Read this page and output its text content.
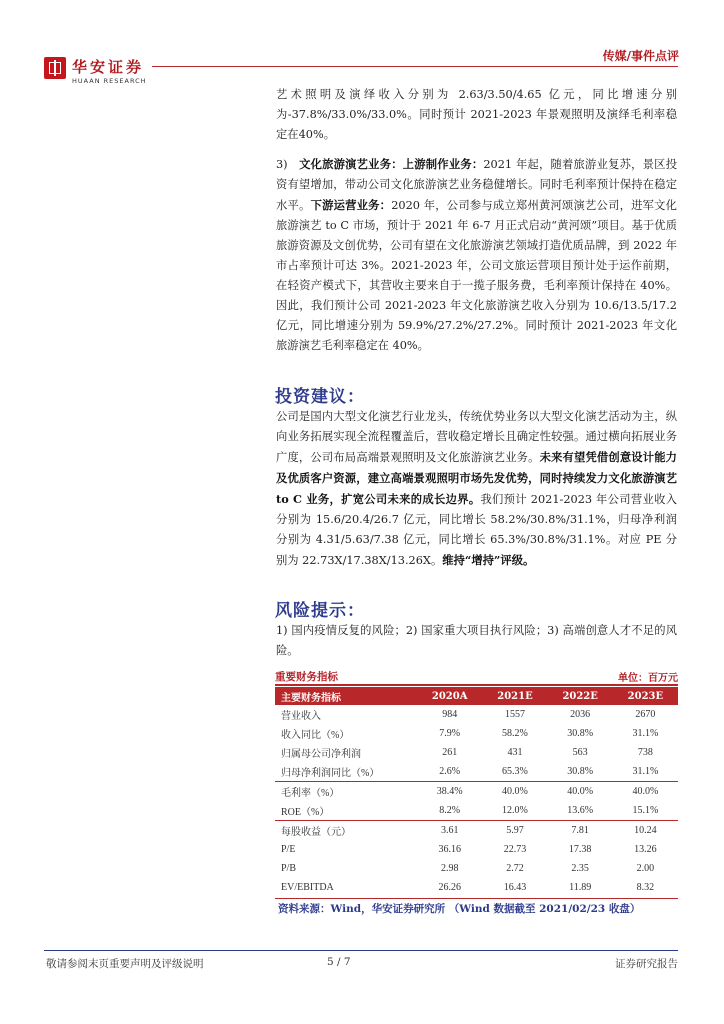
华安证券
HUAAN RESEARCH
传媒/事件点评

艺术照明及演绎收入分别为 2.63/3.50/4.65 亿元，同比增速分别为-37.8%/33.0%/33.0%。同时预计 2021-2023 年景观照明及演绎毛利率稳定在40%。

3) 文化旅游演艺业务：上游制作业务：2021 年起，随着旅游业复苏，景区投资有望增加，带动公司文化旅游演艺业务稳健增长。同时毛利率预计保持在稳定水平。下游运营业务：2020 年，公司参与成立郑州黄河颂演艺公司，进军文化旅游演艺 to C 市场，预计于 2021 年 6-7 月正式启动“黄河颂”项目。基于优质旅游资源及文创优势，公司有望在文化旅游演艺领域打造优质品牌，到 2022 年市占率预计可达 3%。2021-2023 年，公司文旅运营项目预计处于运作前期，在轻资产模式下，其营收主要来自于一揽子服务费，毛利率预计保持在 40%。因此，我们预计公司 2021-2023 年文化旅游演艺收入分别为 10.6/13.5/17.2 亿元，同比增速分别为 59.9%/27.2%/27.2%。同时预计 2021-2023 年文化旅游演艺毛利率稳定在 40%。

投资建议：

公司是国内大型文化演艺行业龙头，传统优势业务以大型文化演艺活动为主，纵向业务拓展实现全流程覆盖后，营收稳定增长且确定性较强。通过横向拓展业务广度，公司布局高端景观照明及文化旅游演艺业务。未来有望凭借创意设计能力及优质客户资源，建立高端景观照明市场先发优势，同时持续发力文化旅游演艺 to C 业务，扩宽公司未来的成长边界。我们预计 2021-2023 年公司营业收入分别为 15.6/20.4/26.7 亿元，同比增长 58.2%/30.8%/31.1%，归母净利润分别为 4.31/5.63/7.38 亿元，同比增长 65.3%/30.8%/31.1%。对应 PE 分别为 22.73X/17.38X/13.26X。维持“增持”评级。

风险提示：

1) 国内疫情反复的风险；2) 国家重大项目执行风险；3) 高端创意人才不足的风险。

重要财务指标	单位：百万元
主要财务指标	2020A	2021E	2022E	2023E
营业收入	984	1557	2036	2670
收入同比（%）	7.9%	58.2%	30.8%	31.1%
归属母公司净利润	261	431	563	738
归母净利润同比（%）	2.6%	65.3%	30.8%	31.1%
毛利率（%）	38.4%	40.0%	40.0%	40.0%
ROE（%）	8.2%	12.0%	13.6%	15.1%
每股收益（元）	3.61	5.97	7.81	10.24
P/E	36.16	22.73	17.38	13.26
P/B	2.98	2.72	2.35	2.00
EV/EBITDA	26.26	16.43	11.89	8.32
资料来源：Wind，华安证券研究所 （Wind 数据截至 2021/02/23 收盘）
敬请参阅末页重要声明及评级说明	5 / 7	证券研究报告
